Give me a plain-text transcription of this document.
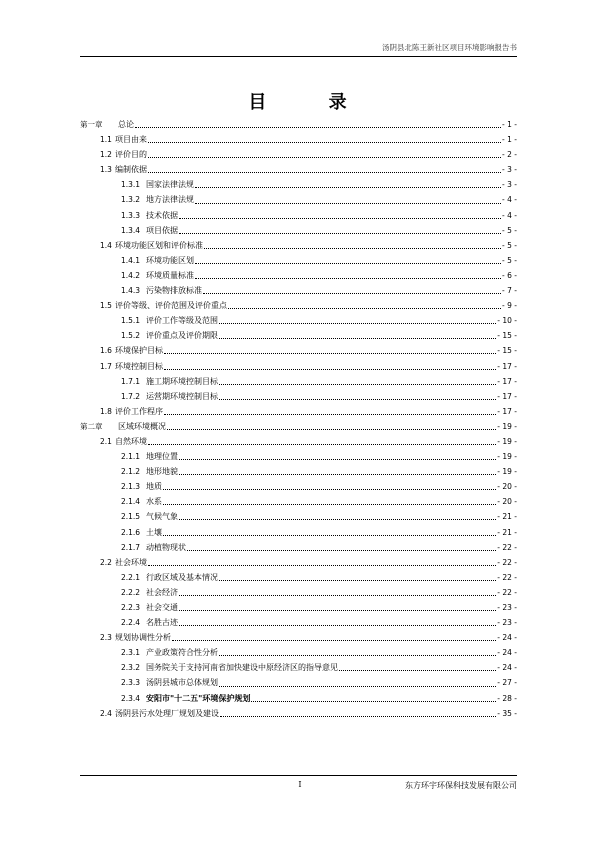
汤阴县北陈王新社区项目环境影响报告书
目 录
第一章	总论	- 1 -
1.1 项目由来	- 1 -
1.2 评价目的	- 2 -
1.3 编制依据	- 3 -
1.3.1 国家法律法规	- 3 -
1.3.2 地方法律法规	- 4 -
1.3.3 技术依据	- 4 -
1.3.4 项目依据	- 5 -
1.4 环境功能区划和评价标准	- 5 -
1.4.1 环境功能区划	- 5 -
1.4.2 环境质量标准	- 6 -
1.4.3 污染物排放标准	- 7 -
1.5 评价等级、评价范围及评价重点	- 9 -
1.5.1 评价工作等级及范围	- 10 -
1.5.2 评价重点及评价期限	- 15 -
1.6 环境保护目标	- 15 -
1.7 环境控制目标	- 17 -
1.7.1 施工期环境控制目标	- 17 -
1.7.2 运营期环境控制目标	- 17 -
1.8 评价工作程序	- 17 -
第二章	区域环境概况	- 19 -
2.1 自然环境	- 19 -
2.1.1 地理位置	- 19 -
2.1.2 地形地貌	- 19 -
2.1.3 地质	- 20 -
2.1.4 水系	- 20 -
2.1.5 气候气象	- 21 -
2.1.6 土壤	- 21 -
2.1.7 动植物现状	- 22 -
2.2 社会环境	- 22 -
2.2.1 行政区域及基本情况	- 22 -
2.2.2 社会经济	- 22 -
2.2.3 社会交通	- 23 -
2.2.4 名胜古迹	- 23 -
2.3 规划协调性分析	- 24 -
2.3.1 产业政策符合性分析	- 24 -
2.3.2 国务院关于支持河南省加快建设中原经济区的指导意见	- 24 -
2.3.3 汤阴县城市总体规划	- 27 -
2.3.4 安阳市"十二五"环境保护规划	- 28 -
2.4 汤阴县污水处理厂规划及建设	- 35 -
I	东方环宇环保科技发展有限公司
